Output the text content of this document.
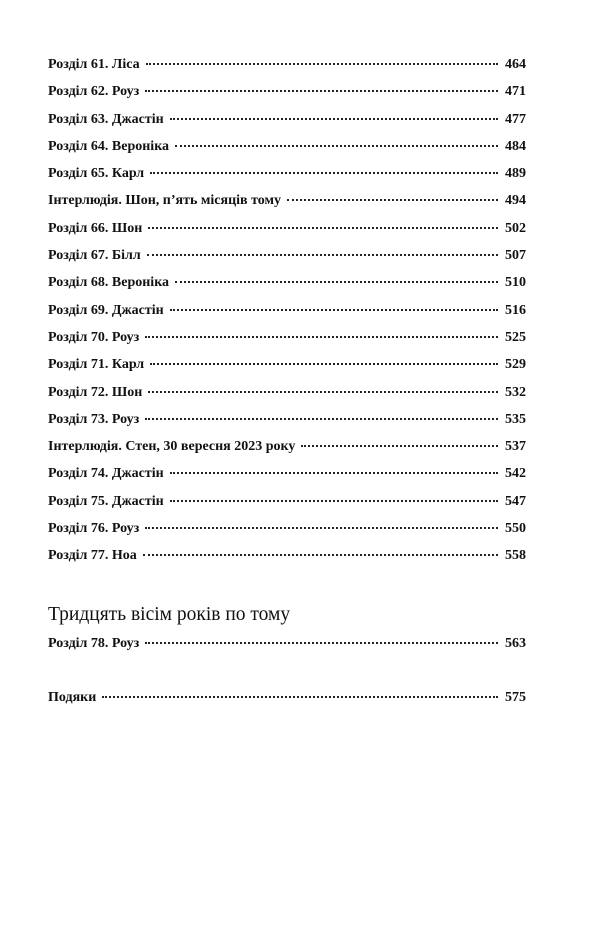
Розділ 61. Ліса	464
Розділ 62. Роуз	471
Розділ 63. Джастін	477
Розділ 64. Вероніка	484
Розділ 65. Карл	489
Інтерлюдія. Шон, п’ять місяців тому	494
Розділ 66. Шон	502
Розділ 67. Білл	507
Розділ 68. Вероніка	510
Розділ 69. Джастін	516
Розділ 70. Роуз	525
Розділ 71. Карл	529
Розділ 72. Шон	532
Розділ 73. Роуз	535
Інтерлюдія. Стен, 30 вересня 2023 року	537
Розділ 74. Джастін	542
Розділ 75. Джастін	547
Розділ 76. Роуз	550
Розділ 77. Ноа	558
Тридцять вісім років по тому
Розділ 78. Роуз	563
Подяки	575
